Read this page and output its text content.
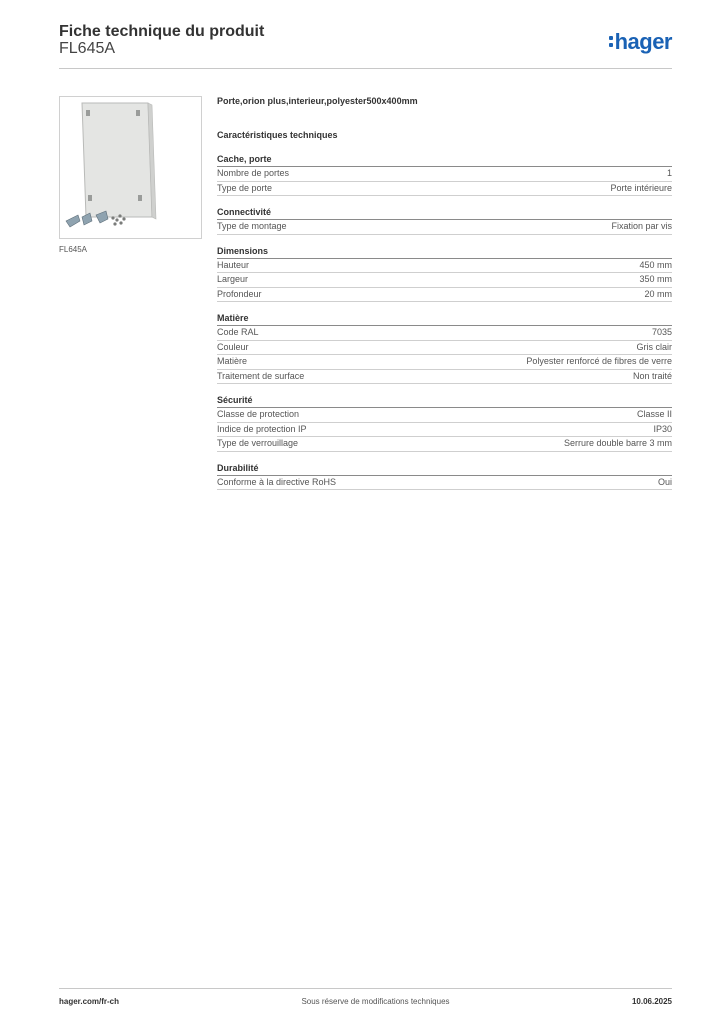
Fiche technique du produit
FL645A	hager
FL645A
Porte,orion plus,interieur,polyester500x400mm
Caractéristiques techniques
Cache, porte
Nombre de portes	1
Type de porte	Porte intérieure
Connectivité
Type de montage	Fixation par vis
Dimensions
Hauteur	450 mm
Largeur	350 mm
Profondeur	20 mm
Matière
Code RAL	7035
Couleur	Gris clair
Matière	Polyester renforcé de fibres de verre
Traitement de surface	Non traité
Sécurité
Classe de protection	Classe II
Indice de protection IP	IP30
Type de verrouillage	Serrure double barre 3 mm
Durabilité
Conforme à la directive RoHS	Oui
hager.com/fr-ch	Sous réserve de modifications techniques	10.06.2025
